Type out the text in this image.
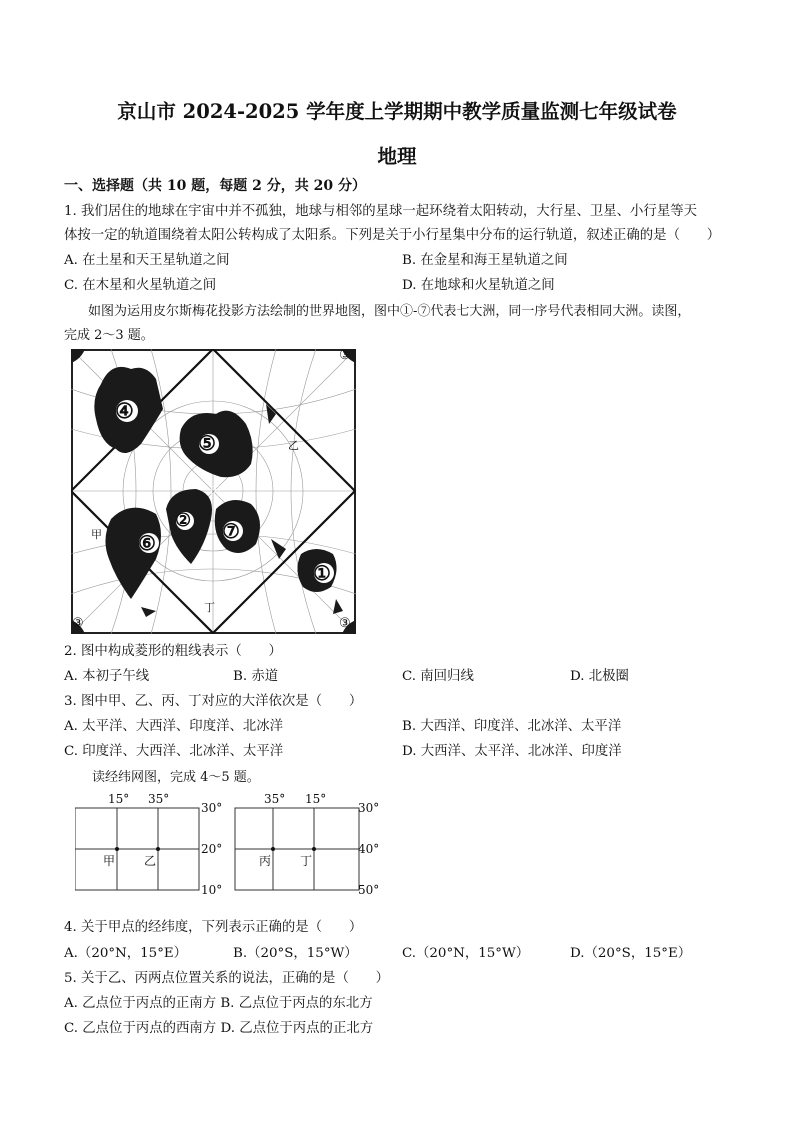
京山市 2024-2025 学年度上学期期中教学质量监测七年级试卷
地理
一、选择题（共 10 题，每题 2 分，共 20 分）
1. 我们居住的地球在宇宙中并不孤独，地球与相邻的星球一起环绕着太阳转动，大行星、卫星、小行星等天
体按一定的轨道围绕着太阳公转构成了太阳系。下列是关于小行星集中分布的运行轨道，叙述正确的是（　　）
A. 在土星和天王星轨道之间	B. 在金星和海王星轨道之间
C. 在木星和火星轨道之间	D. 在地球和火星轨道之间
如图为运用皮尔斯梅花投影方法绘制的世界地图，图中①-⑦代表七大洲，同一序号代表相同大洲。读图，
完成 2～3 题。
④
⑤
②
⑥	⑦
①
③
③	③
甲
乙
丙
丁
2. 图中构成菱形的粗线表示（　　）
A. 本初子午线	B. 赤道	C. 南回归线	D. 北极圈
3. 图中甲、乙、丙、丁对应的大洋依次是（　　）
A. 太平洋、大西洋、印度洋、北冰洋	B. 大西洋、印度洋、北冰洋、太平洋
C. 印度洋、大西洋、北冰洋、太平洋	D. 大西洋、太平洋、北冰洋、印度洋
读经纬网图，完成 4～5 题。
15° 35°
30°
20°
10°
甲 乙
35° 15°
30°
40°
50°
丙 丁
4. 关于甲点的经纬度，下列表示正确的是（　　）
A.（20°N，15°E）	B.（20°S，15°W）	C.（20°N，15°W）	D.（20°S，15°E）
5. 关于乙、丙两点位置关系的说法，正确的是（　　）
A. 乙点位于丙点的正南方 B. 乙点位于丙点的东北方
C. 乙点位于丙点的西南方 D. 乙点位于丙点的正北方
